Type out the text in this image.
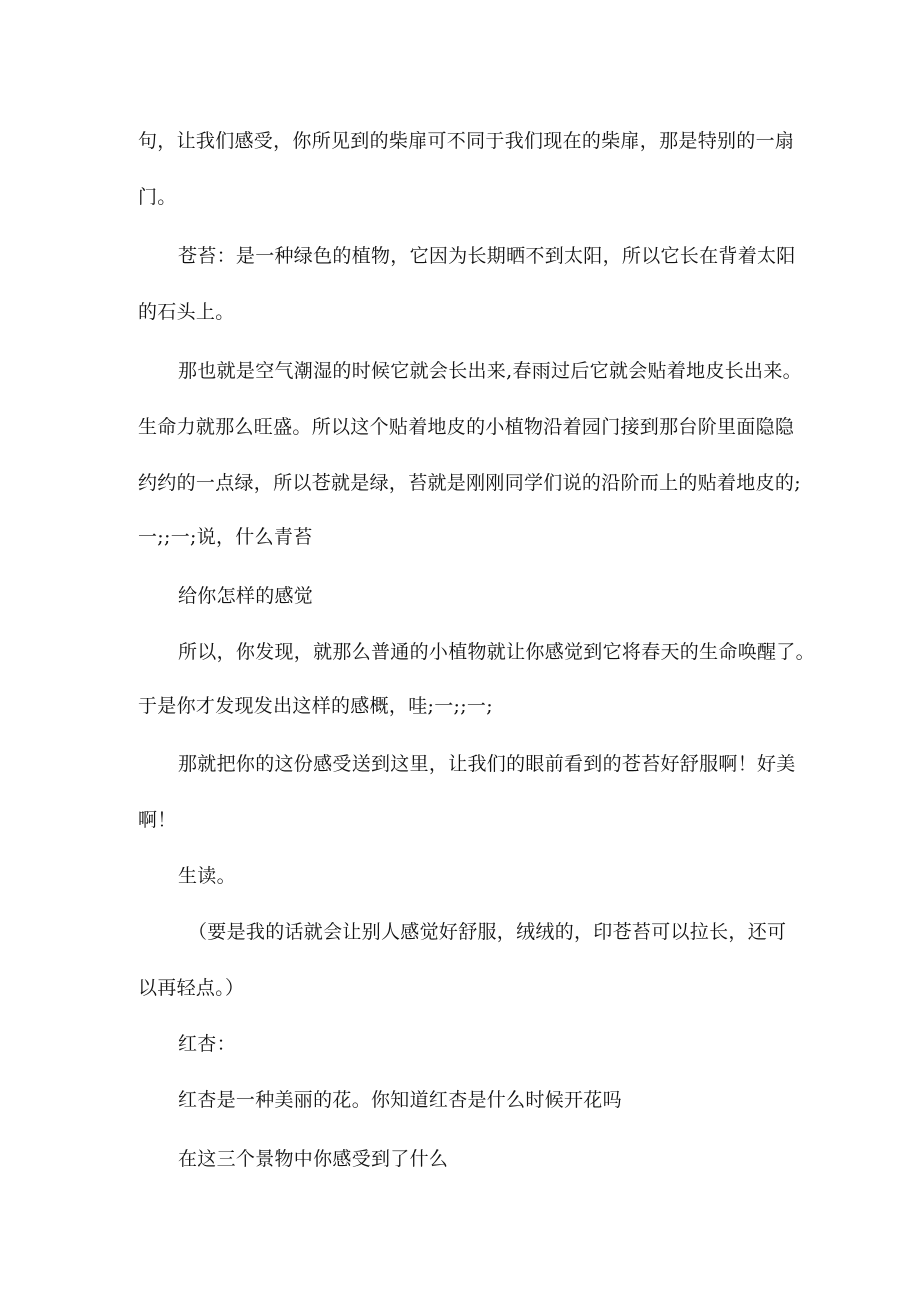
句，让我们感受，你所见到的柴扉可不同于我们现在的柴扉，那是特别的一扇
门。
苍苔：是一种绿色的植物，它因为长期晒不到太阳，所以它长在背着太阳
的石头上。
那也就是空气潮湿的时候它就会长出来,春雨过后它就会贴着地皮长出来。
生命力就那么旺盛。所以这个贴着地皮的小植物沿着园门接到那台阶里面隐隐
约约的一点绿，所以苍就是绿，苔就是刚刚同学们说的沿阶而上的贴着地皮的;
一;;一;说，什么青苔
给你怎样的感觉
所以，你发现，就那么普通的小植物就让你感觉到它将春天的生命唤醒了。
于是你才发现发出这样的感概，哇;一;;一;
那就把你的这份感受送到这里，让我们的眼前看到的苍苔好舒服啊！好美
啊！
生读。
（要是我的话就会让别人感觉好舒服，绒绒的，印苍苔可以拉长，还可
以再轻点。）
红杏：
红杏是一种美丽的花。你知道红杏是什么时候开花吗
在这三个景物中你感受到了什么
